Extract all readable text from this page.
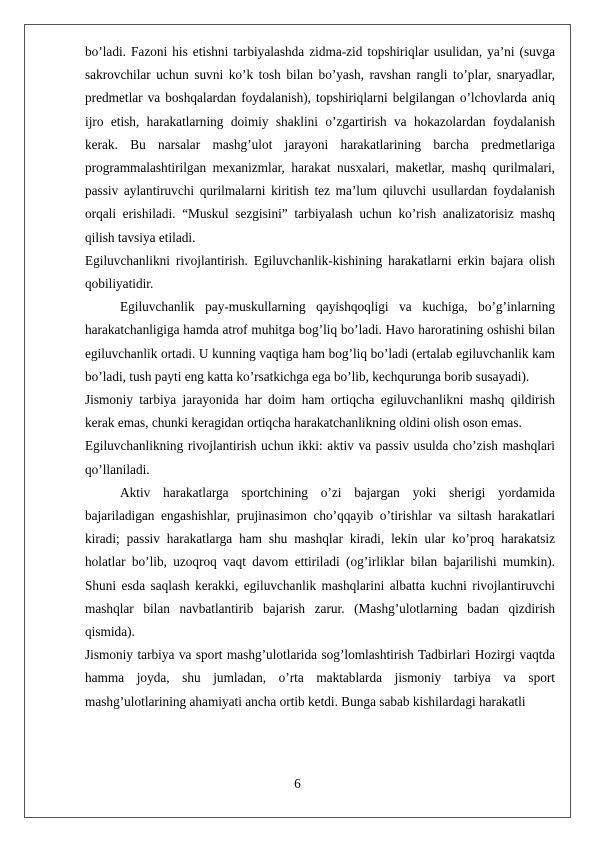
bo’ladi. Fazoni his etishni tarbiyalashda zidma-zid topshiriqlar usulidan, ya’ni (suvga sakrovchilar uchun suvni ko’k tosh bilan bo’yash, ravshan rangli to’plar, snaryadlar, predmetlar va boshqalardan foydalanish), topshiriqlarni belgilangan o’lchovlarda aniq ijro etish, harakatlarning doimiy shaklini o’zgartirish va hokazolardan foydalanish kerak. Bu narsalar mashg’ulot jarayoni harakatlarining barcha predmetlariga programmalashtirilgan mexanizmlar, harakat nusxalari, maketlar, mashq qurilmalari, passiv aylantiruvchi qurilmalarni kiritish tez ma’lum qiluvchi usullardan foydalanish orqali erishiladi. “Muskul sezgisini” tarbiyalash uchun ko’rish analizatorisiz mashq qilish tavsiya etiladi.

Egiluvchanlikni rivojlantirish. Egiluvchanlik-kishining harakatlarni erkin bajara olish qobiliyatidir.

Egiluvchanlik pay-muskullarning qayishqoqligi va kuchiga, bo’g’inlarning harakatchanligiga hamda atrof muhitga bog’liq bo’ladi. Havo haroratining oshishi bilan egiluvchanlik ortadi. U kunning vaqtiga ham bog’liq bo’ladi (ertalab egiluvchanlik kam bo’ladi, tush payti eng katta ko’rsatkichga ega bo’lib, kechqurunga borib susayadi).

Jismoniy tarbiya jarayonida har doim ham ortiqcha egiluvchanlikni mashq qildirish kerak emas, chunki keragidan ortiqcha harakatchanlikning oldini olish oson emas.

Egiluvchanlikning rivojlantirish uchun ikki: aktiv va passiv usulda cho’zish mashqlari qo’llaniladi.

Aktiv harakatlarga sportchining o’zi bajargan yoki sherigi yordamida bajariladigan engashishlar, prujinasimon cho’qqayib o’tirishlar va siltash harakatlari kiradi; passiv harakatlarga ham shu mashqlar kiradi, lekin ular ko’proq harakatsiz holatlar bo’lib, uzoqroq vaqt davom ettiriladi (og’irliklar bilan bajarilishi mumkin). Shuni esda saqlash kerakki, egiluvchanlik mashqlarini albatta kuchni rivojlantiruvchi mashqlar bilan navbatlantirib bajarish zarur. (Mashg’ulotlarning badan qizdirish qismida).

Jismoniy tarbiya va sport mashg’ulotlarida sog’lomlashtirish Tadbirlari Hozirgi vaqtda hamma joyda, shu jumladan, o’rta maktablarda jismoniy tarbiya va sport mashg’ulotlarining ahamiyati ancha ortib ketdi. Bunga sabab kishilardagi harakatli

6
